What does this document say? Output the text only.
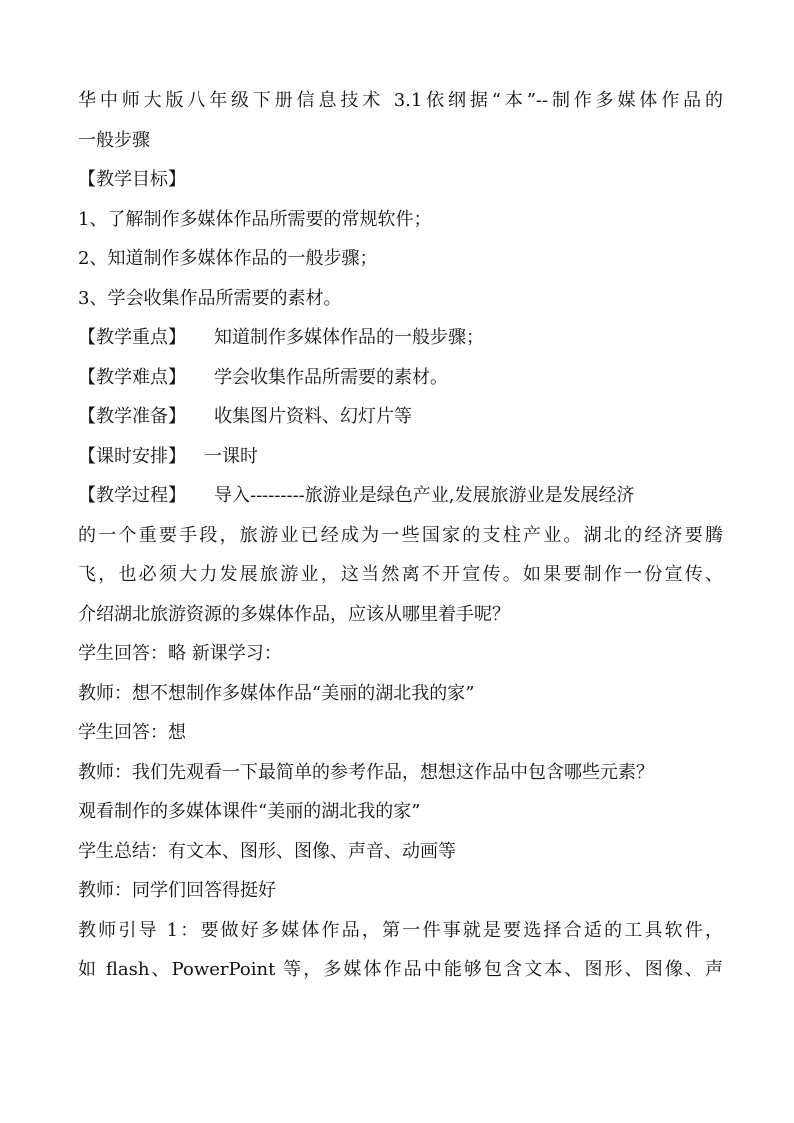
华中师大版八年级下册信息技术 3.1依纲据“本”--制作多媒体作品的
一般步骤
【教学目标】
1、了解制作多媒体作品所需要的常规软件；
2、知道制作多媒体作品的一般步骤；
3、学会收集作品所需要的素材。
【教学重点】 知道制作多媒体作品的一般步骤；
【教学难点】 学会收集作品所需要的素材。
【教学准备】 收集图片资料、幻灯片等
【课时安排】 一课时
【教学过程】 导入---------旅游业是绿色产业,发展旅游业是发展经济
的一个重要手段，旅游业已经成为一些国家的支柱产业。湖北的经济要腾
飞，也必须大力发展旅游业，这当然离不开宣传。如果要制作一份宣传、
介绍湖北旅游资源的多媒体作品，应该从哪里着手呢？
学生回答：略 新课学习：
教师：想不想制作多媒体作品“美丽的湖北我的家”
学生回答：想
教师：我们先观看一下最简单的参考作品，想想这作品中包含哪些元素？
观看制作的多媒体课件“美丽的湖北我的家”
学生总结：有文本、图形、图像、声音、动画等
教师：同学们回答得挺好
教师引导 1：要做好多媒体作品，第一件事就是要选择合适的工具软件，
如 flash、PowerPoint 等，多媒体作品中能够包含文本、图形、图像、声
